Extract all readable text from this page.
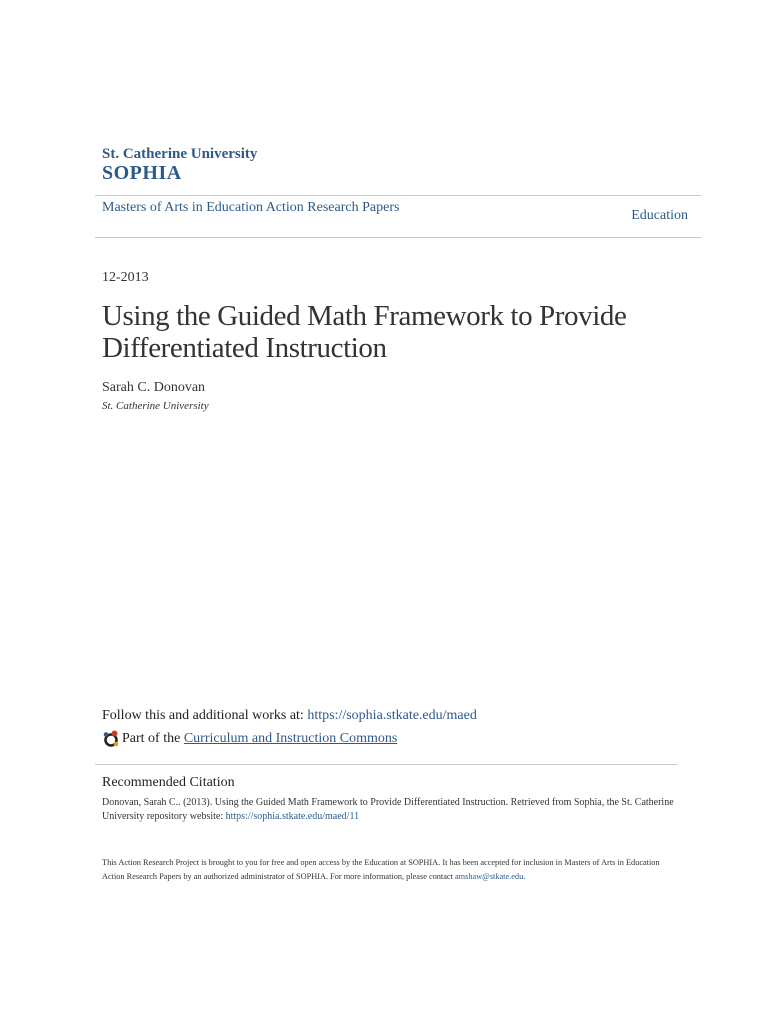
St. Catherine University
SOPHIA
Masters of Arts in Education Action Research Papers
Education
12-2013
Using the Guided Math Framework to Provide Differentiated Instruction
Sarah C. Donovan
St. Catherine University
Follow this and additional works at: https://sophia.stkate.edu/maed
Part of the
Curriculum and Instruction Commons
Recommended Citation
Donovan, Sarah C.. (2013). Using the Guided Math Framework to Provide Differentiated Instruction. Retrieved from Sophia, the St. Catherine University repository website: https://sophia.stkate.edu/maed/11
This Action Research Project is brought to you for free and open access by the Education at SOPHIA. It has been accepted for inclusion in Masters of Arts in Education Action Research Papers by an authorized administrator of SOPHIA. For more information, please contact amshaw@stkate.edu.
